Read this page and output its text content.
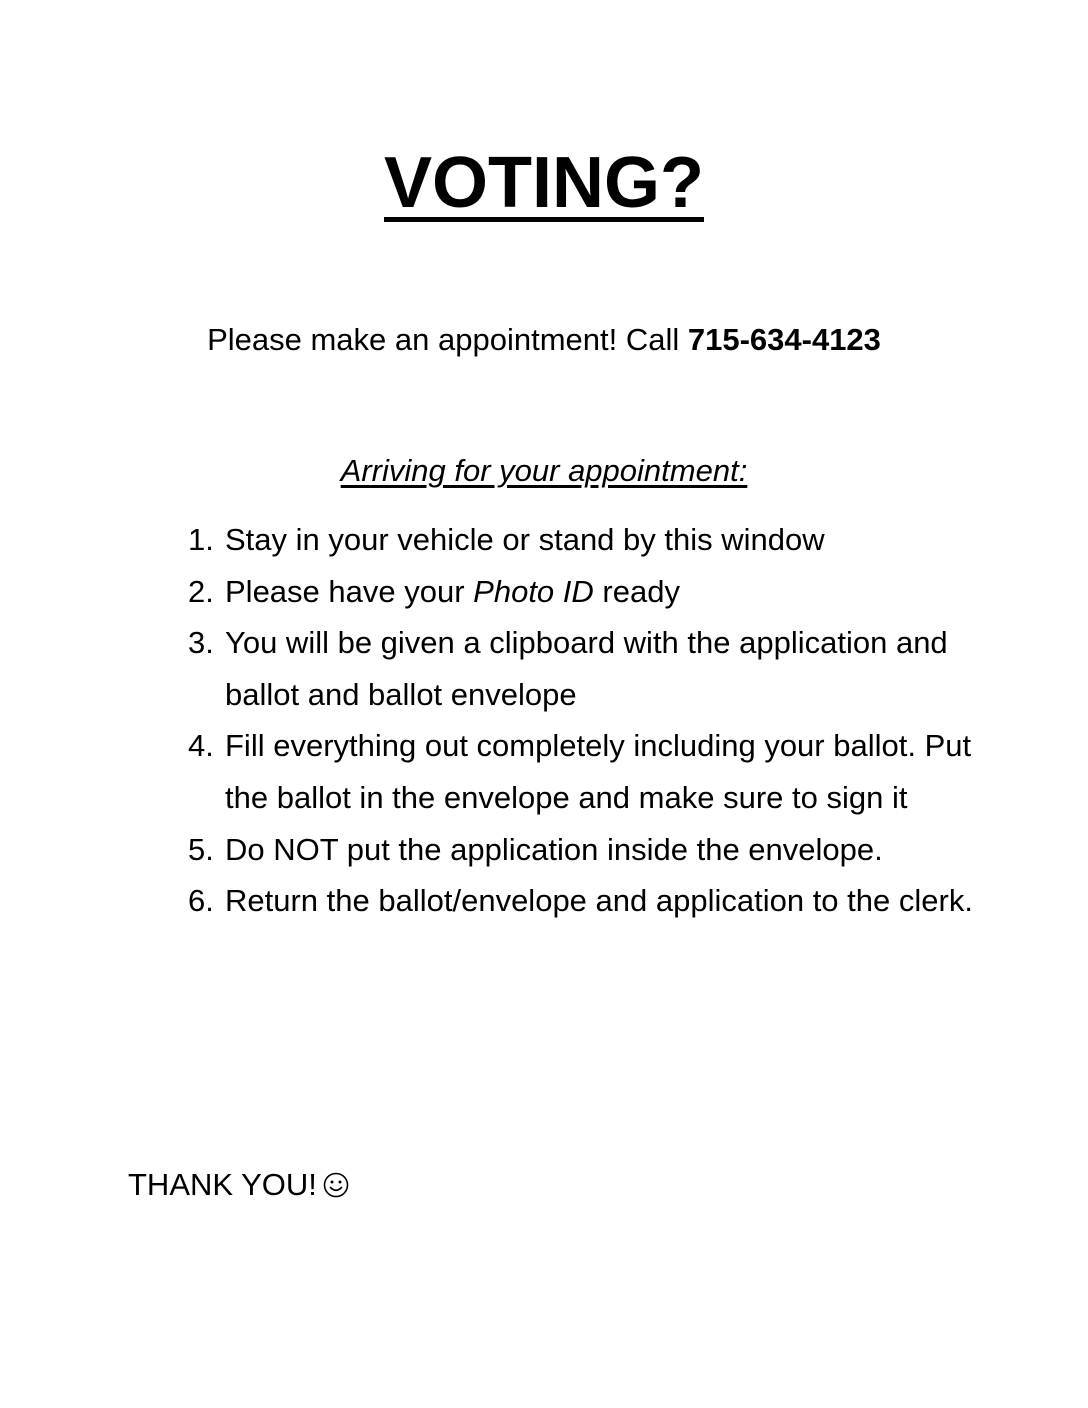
VOTING?

Please make an appointment! Call 715-634-4123

Arriving for your appointment:

1. Stay in your vehicle or stand by this window
2. Please have your Photo ID ready
3. You will be given a clipboard with the application and ballot and ballot envelope
4. Fill everything out completely including your ballot. Put the ballot in the envelope and make sure to sign it
5. Do NOT put the application inside the envelope.
6. Return the ballot/envelope and application to the clerk.

THANK YOU!
